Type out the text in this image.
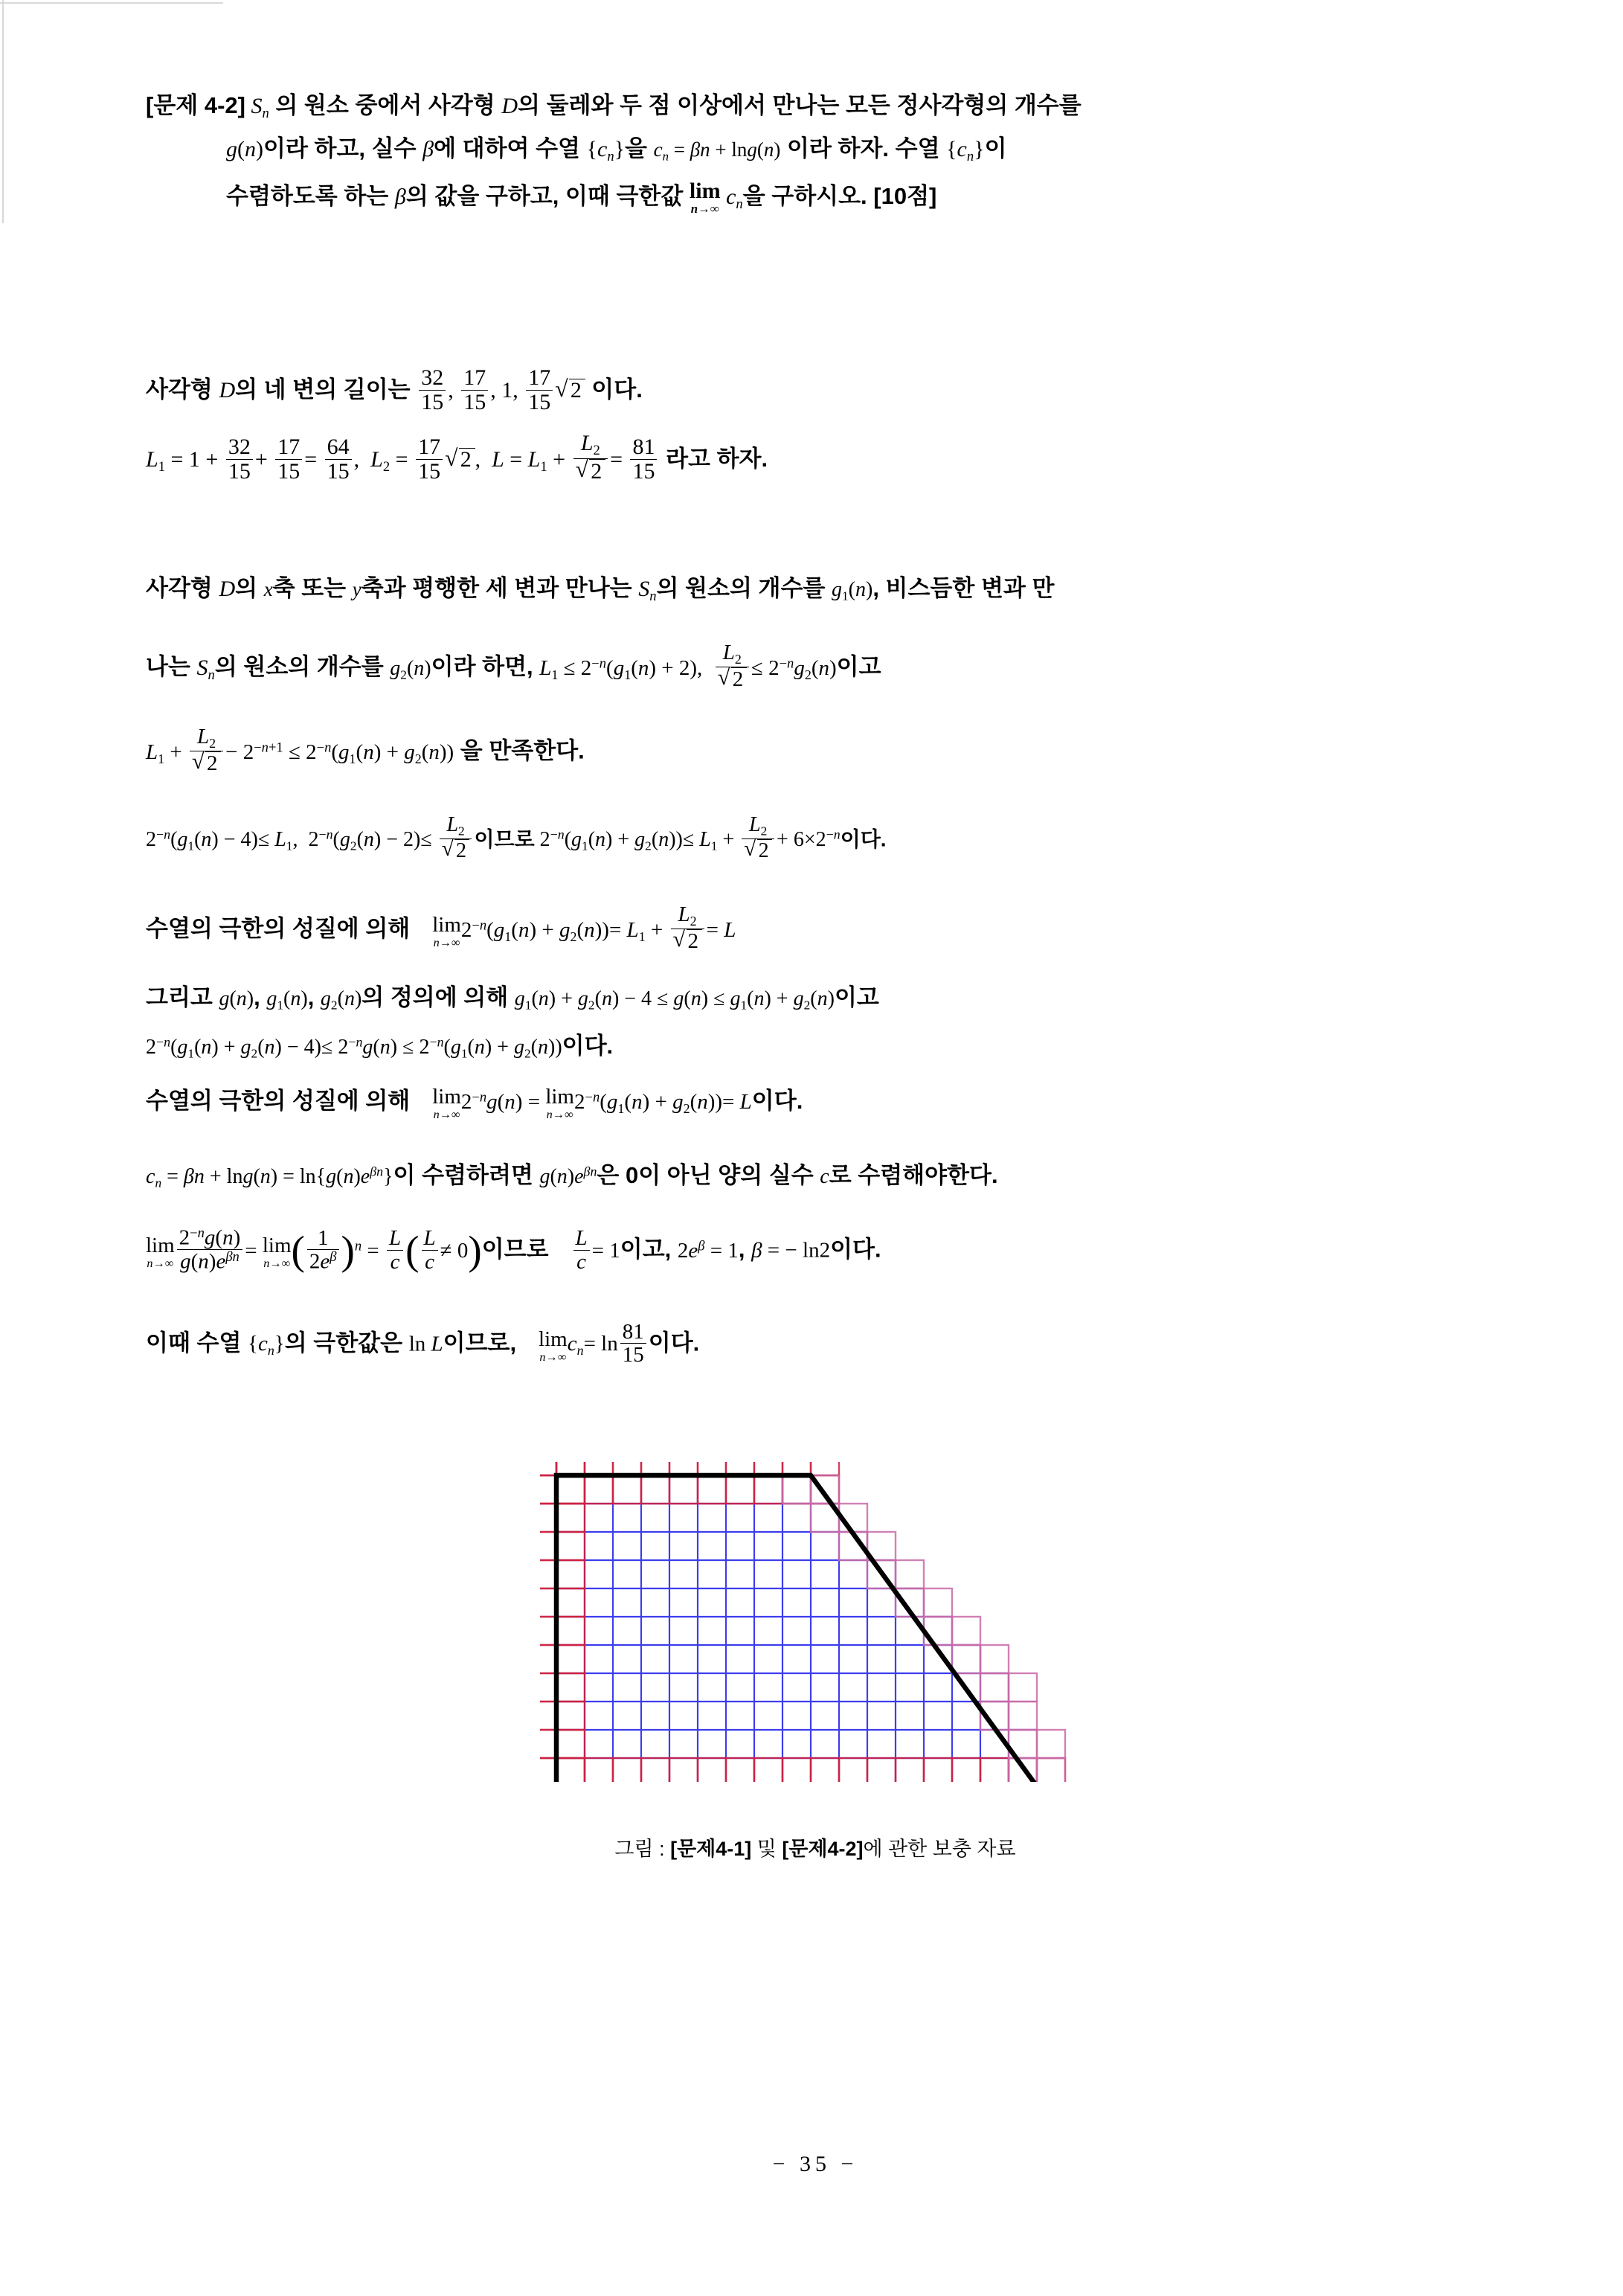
[문제 4-2] $S_n$ 의 원소 중에서 사각형 D의 둘레와 두 점 이상에서 만나는 모든 정사각형의 개수를
g(n)이라 하고, 실수 β에 대하여 수열 $\{c_n\}$을 $c_n = \beta n + \ln g(n)$ 이라 하자. 수열 $\{c_n\}$이
수렴하도록 하는 β의 값을 구하고, 이때 극한값 lim
n→∞ $c_n$을 구하시오. [10점]
사각형 D의 네 변의 길이는 $\frac{32}{15}$ , $\frac{17}{15}$ , 1, $\frac{17}{15}$ √ 2 이다.
$L_1 = 1 + \frac{32}{15} + \frac{17}{15} = \frac{64}{15}$ ,  $L_2 = \frac{17}{15}$ √ 2 ,  $L = L_1 + L_2$
√ $2 = \frac{81}{15}$ 라고 하자.
사각형 D의 x축 또는 y축과 평행한 세 변과 만나는 $S_n$의 원소의 개수를 $g_1(n)$, 비스듬한 변과 만
나는 $S_n$의 원소의 개수를 $g_2(n)$이라 하면, $L_1 \le 2^{-n}(g_1(n) + 2)$, $L_2$
√ $2 \le 2^{-n}g_2(n)$이고
$L_1 + L_2$
√ $2 - 2^{-n+1} \le 2^{-n}(g_1(n) + g_2(n))$ 을 만족한다.
$2^{-n}(g_1(n) - 4)\le L_1$,  $2^{-n}(g_2(n) - 2)\le L_2$
√ 2 이므로 $2^{-n}(g_1(n) + g_2(n))\le L_1 + L_2$
√ $2 + 6\times 2^{-n}$이다.
수열의 극한의 성질에 의해ㅤ lim
n→∞
$2^{-n}(g_1(n) + g_2(n))= L_1 + L_2$
√ 2 = L
그리고 g(n), $g_1(n)$, $g_2(n)$의 정의에 의해 $g_1(n) + g_2(n) - 4 \le g(n) \le g_1(n) + g_2(n)$이고
$2^{-n}(g_1(n) + g_2(n) - 4)\le 2^{-n}g(n) \le 2^{-n}(g_1(n) + g_2(n))$이다.
수열의 극한의 성질에 의해ㅤ lim
n→∞
$2^{-n}g(n) = \lim$
n→∞
$2^{-n}(g_1(n) + g_2(n))= L$이다.
$c_n = \beta n + \ln g(n) = \ln\{g(n)e^{\beta n}\}$이 수렴하려면 $g(n)e^{\beta n}$은 0이 아닌 양의 실수 c로 수렴해야한다.
lim
$n\to\infty \frac{2^{-n}g(n)}{g(n)e^{\beta n}} = \lim$
n→∞ ( $\frac{1}{2e^\beta} )^n = \frac{L}{c}$ ( $\frac{L}{c} \ne 0$)이므로ㅤ $\frac{L}{c} = 1$이고, $2e^\beta = 1$, β = − ln2이다.
이때 수열 $\{c_n\}$의 극한값은 ln L이므로,ㅤ lim
n→∞
$c_n= \ln \frac{81}{15}$ 이다.
그림 : [문제4-1] 및 [문제4-2]에 관한 보충 자료
− 35 −
